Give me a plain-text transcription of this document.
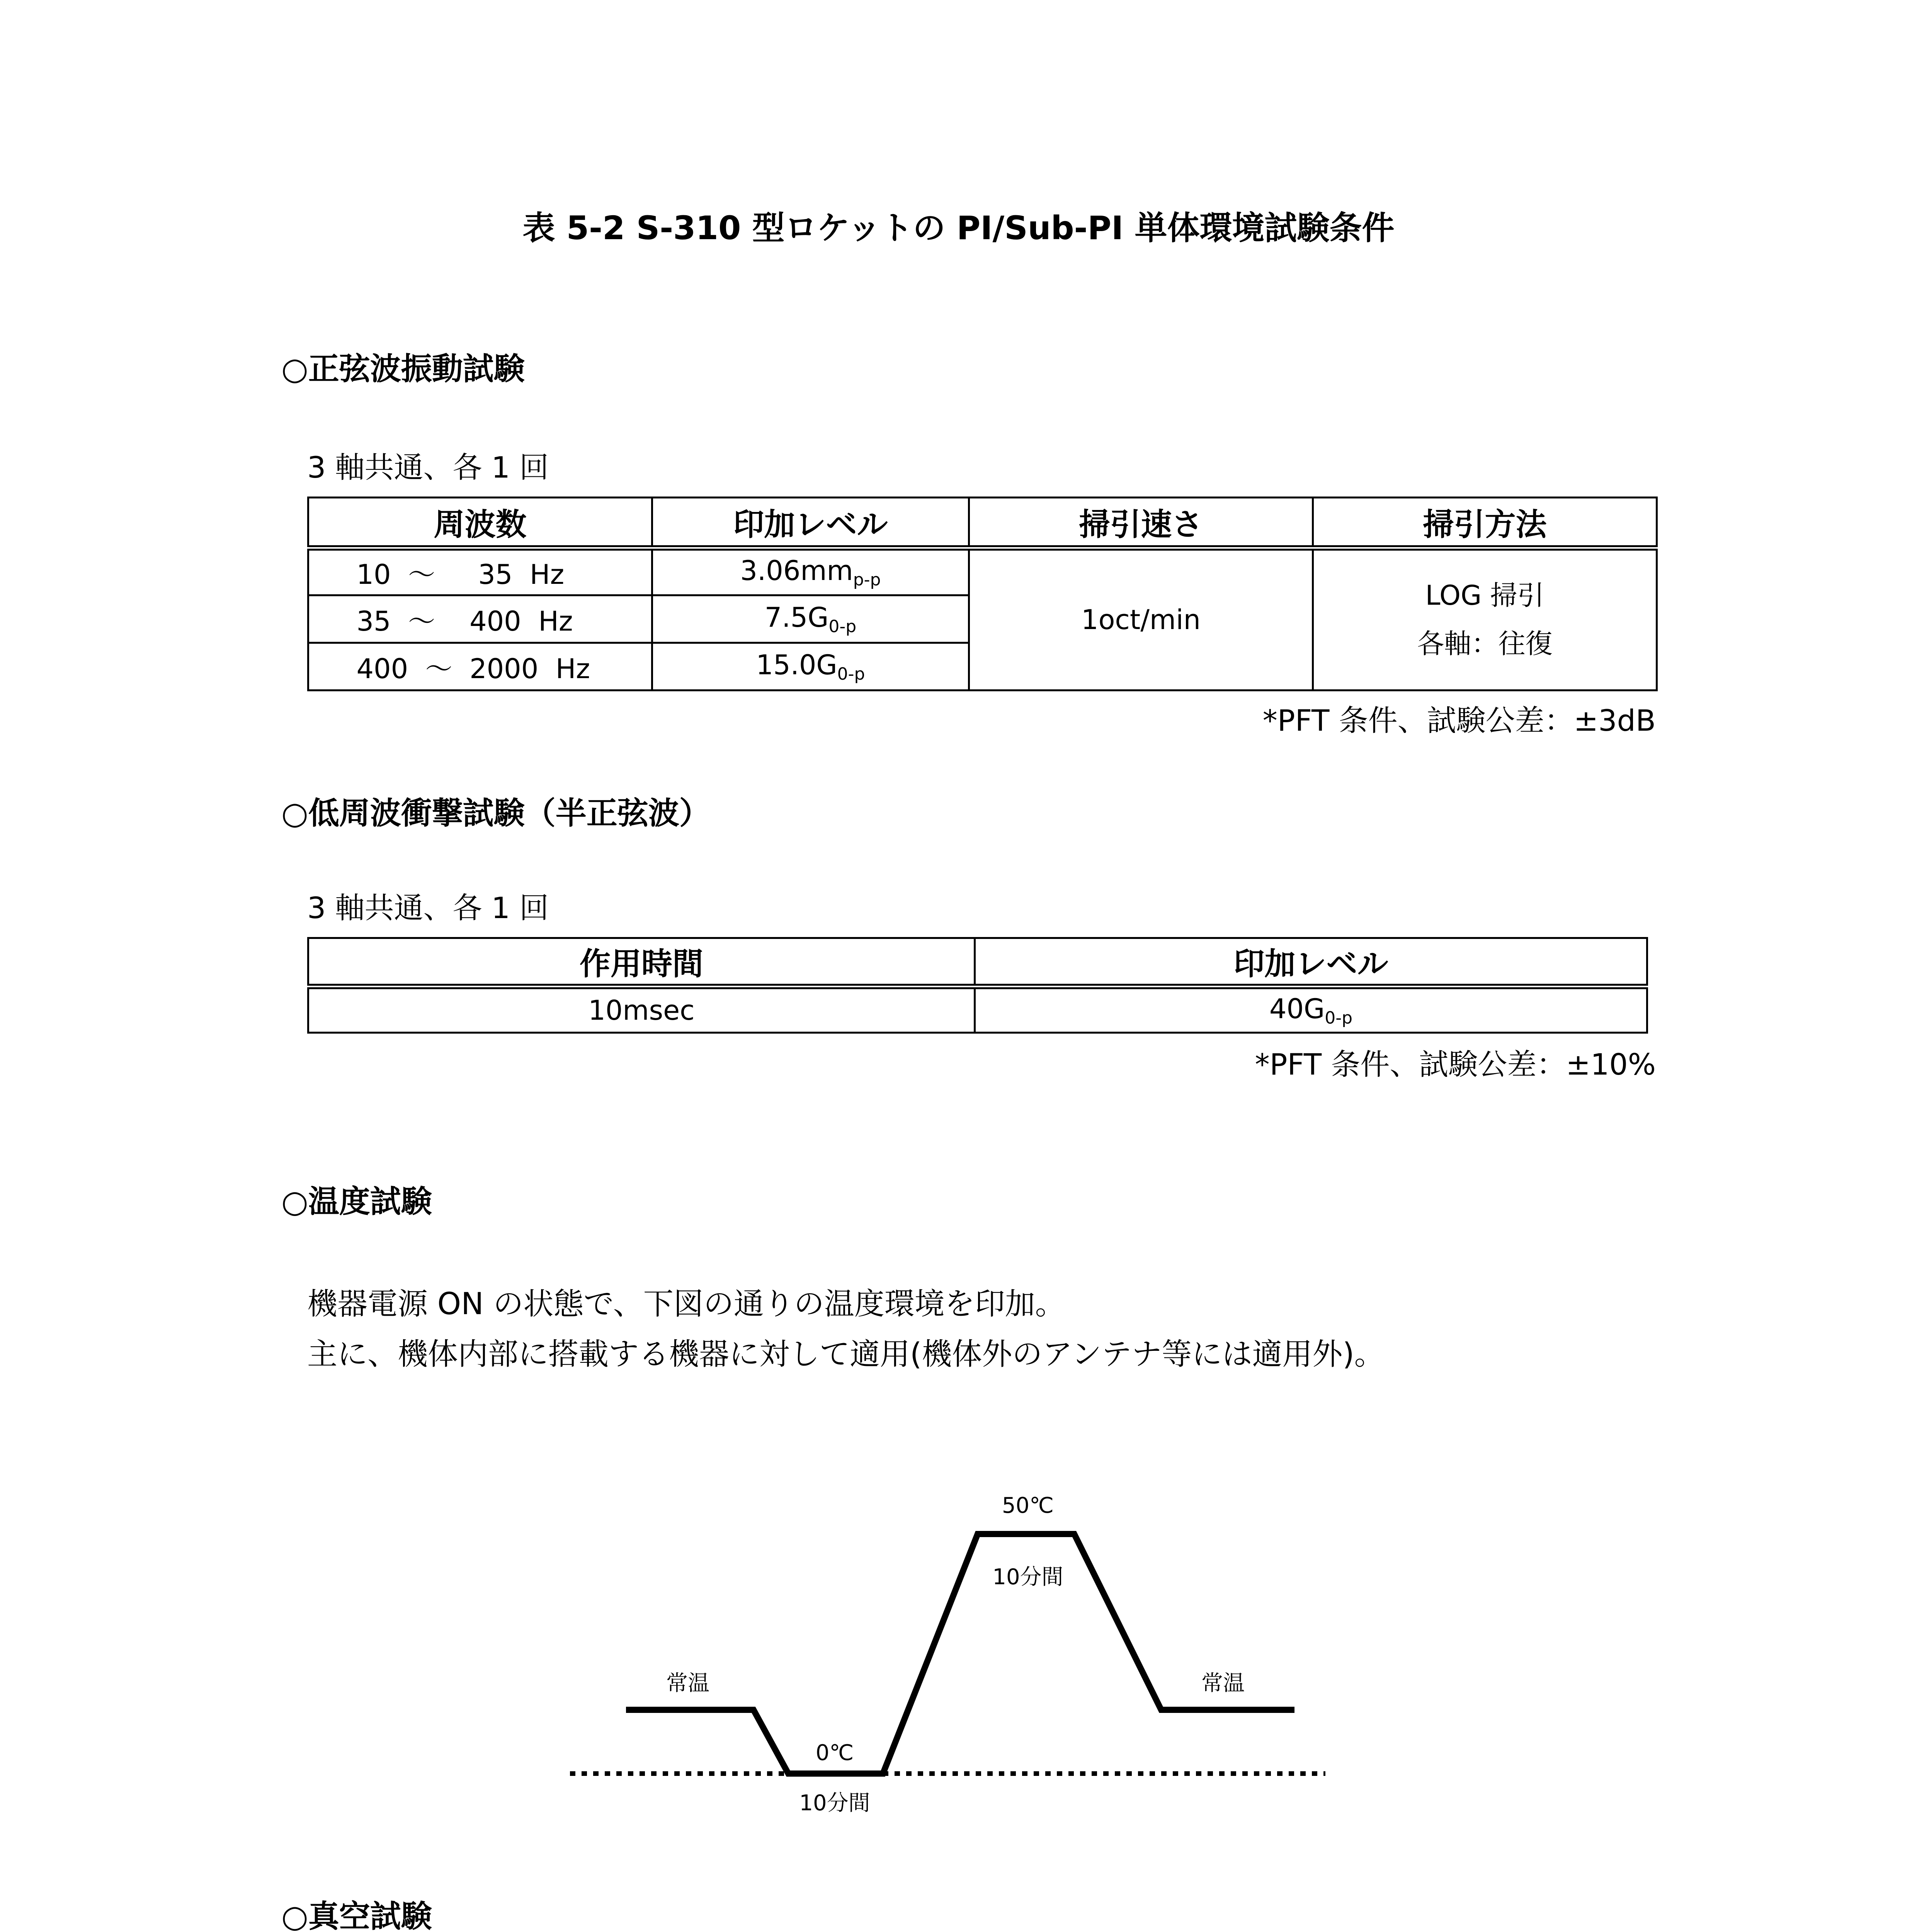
表 5-2 S-310 型ロケットの PI/Sub-PI 単体環境試験条件
○正弦波振動試験
3 軸共通、各 1 回
周波数	印加レベル	掃引速さ	掃引方法
10  ～     35  Hz	$3.06mm_{p-p}$	1oct/min	LOG 掃引
各軸：往復

35  ～    400  Hz	$7.5G_{0-p}$
400  ～  2000  Hz	$15.0G_{0-p}$
*PFT 条件、試験公差：±3dB
○低周波衝撃試験（半正弦波）
3 軸共通、各 1 回
作用時間	印加レベル
10msec	$40G_{0-p}$
*PFT 条件、試験公差：±10%
○温度試験
機器電源 ON の状態で、下図の通りの温度環境を印加。
主に、機体内部に搭載する機器に対して適用(機体外のアンテナ等には適用外)。
常温	常温
50℃
10分間
0℃
10分間
○真空試験
